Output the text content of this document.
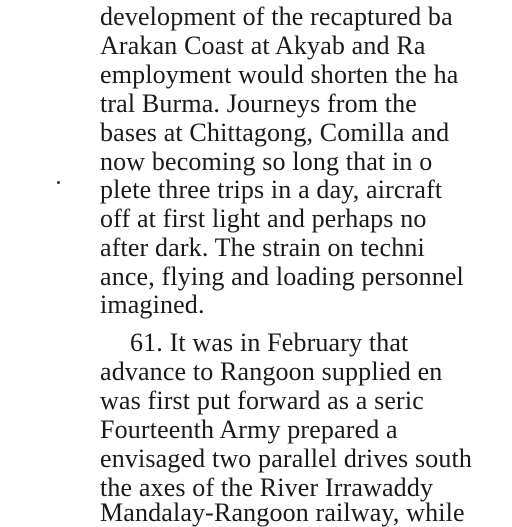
development of the recaptured ba
Arakan Coast at Akyab and Ra
employment would shorten the ha
tral Burma. Journeys from the
bases at Chittagong, Comilla and
now becoming so long that in o
plete three trips in a day, aircraft
off at first light and perhaps no
after dark. The strain on techni
ance, flying and loading personnel
imagined.
61. It was in February that
advance to Rangoon supplied en
was first put forward as a seric
Fourteenth Army prepared a
envisaged two parallel drives south
the axes of the River Irrawaddy
Mandalay-Rangoon railway, while
